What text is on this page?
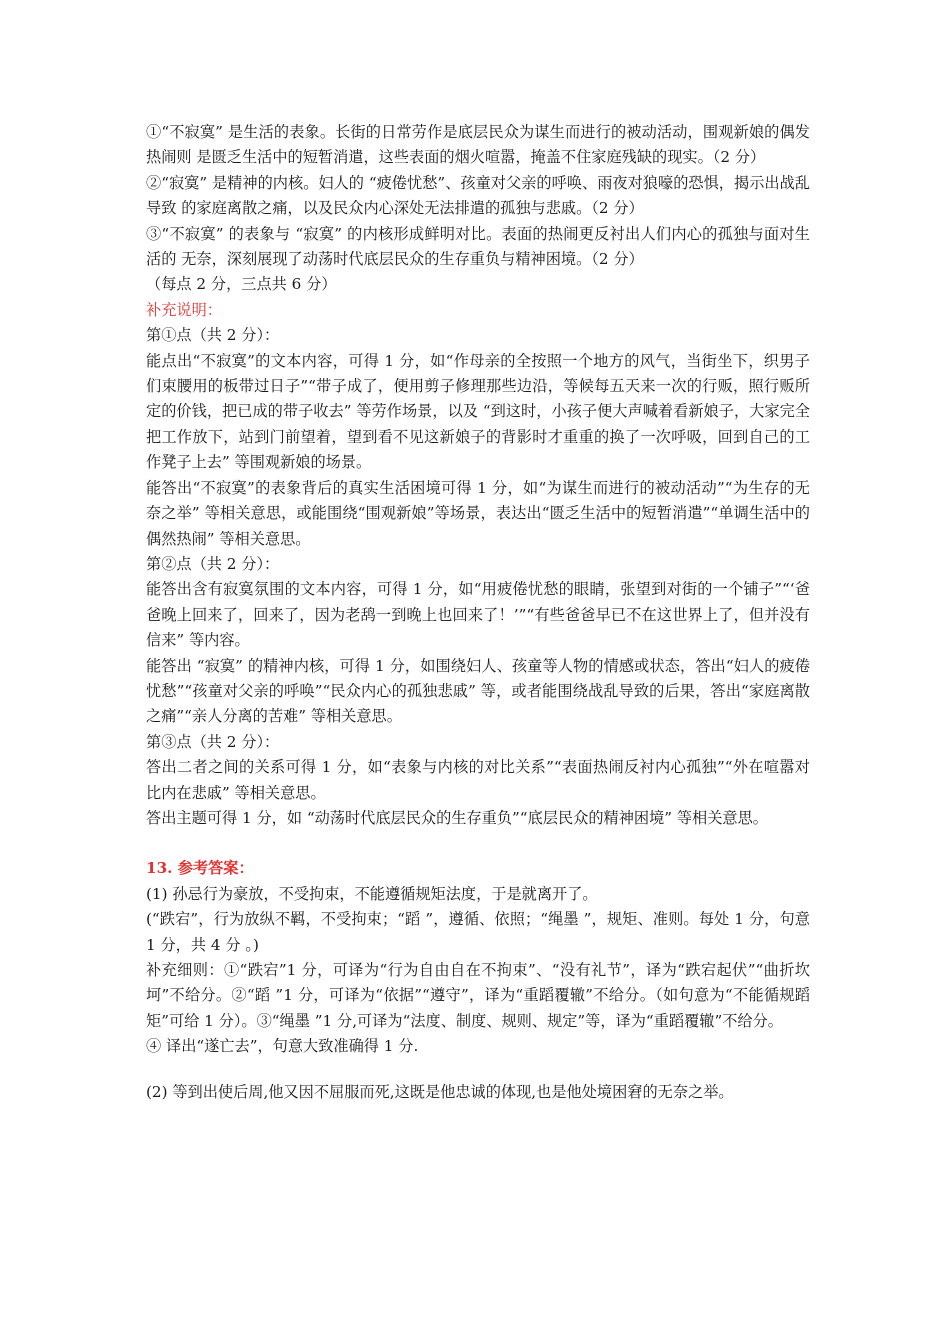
①“不寂寞” 是生活的表象。长街的日常劳作是底层民众为谋生而进行的被动活动，围观新娘的偶发热闹则 是匮乏生活中的短暂消遣，这些表面的烟火喧嚣，掩盖不住家庭残缺的现实。（2 分）

②“寂寞” 是精神的内核。妇人的 “疲倦忧愁”、孩童对父亲的呼唤、雨夜对狼嚎的恐惧，揭示出战乱导致 的家庭离散之痛，以及民众内心深处无法排遣的孤独与悲戚。（2 分）

③“不寂寞” 的表象与 “寂寞” 的内核形成鲜明对比。表面的热闹更反衬出人们内心的孤独与面对生活的 无奈，深刻展现了动荡时代底层民众的生存重负与精神困境。（2 分）

（每点 2 分，三点共 6 分）

补充说明：

第①点（共 2 分）：

能点出“不寂寞”的文本内容，可得 1 分，如“作母亲的全按照一个地方的风气，当街坐下，织男子们束腰用的板带过日子”“带子成了，便用剪子修理那些边沿，等候每五天来一次的行贩，照行贩所定的价钱，把已成的带子收去” 等劳作场景，以及 “到这时，小孩子便大声喊着看新娘子，大家完全把工作放下，站到门前望着，望到看不见这新娘子的背影时才重重的换了一次呼吸，回到自己的工作凳子上去” 等围观新娘的场景。

能答出“不寂寞”的表象背后的真实生活困境可得 1 分，如“为谋生而进行的被动活动”“为生存的无奈之举” 等相关意思，或能围绕“围观新娘”等场景，表达出“匮乏生活中的短暂消遣”“单调生活中的偶然热闹” 等相关意思。

第②点（共 2 分）：

能答出含有寂寞氛围的文本内容，可得 1 分，如“用疲倦忧愁的眼睛，张望到对街的一个铺子”“‘爸爸晚上回来了，回来了，因为老鸹一到晚上也回来了！’”“有些爸爸早已不在这世界上了，但并没有信来” 等内容。

能答出 “寂寞” 的精神内核，可得 1 分，如围绕妇人、孩童等人物的情感或状态，答出“妇人的疲倦忧愁”“孩童对父亲的呼唤”“民众内心的孤独悲戚” 等，或者能围绕战乱导致的后果，答出“家庭离散之痛”“亲人分离的苦难” 等相关意思。

第③点（共 2 分）：

答出二者之间的关系可得 1 分，如“表象与内核的对比关系”“表面热闹反衬内心孤独”“外在喧嚣对比内在悲戚” 等相关意思。

答出主题可得 1 分，如 “动荡时代底层民众的生存重负”“底层民众的精神困境” 等相关意思。

13. 参考答案：

(1) 孙忌行为豪放，不受拘束，不能遵循规矩法度，于是就离开了。

(“跌宕”，行为放纵不羁，不受拘束；“蹈 ”，遵循、依照；“绳墨 ”，规矩、准则。每处 1 分，句意 1 分，共 4 分 。)

补充细则：①“跌宕”1 分，可译为“行为自由自在不拘束”、“没有礼节”，译为“跌宕起伏”“曲折坎坷”不给分。②“蹈 ”1 分，可译为“依据”“遵守”，译为“重蹈覆辙”不给分。（如句意为“不能循规蹈矩”可给 1 分）。③“绳墨 ”1 分,可译为“法度、制度、规则、规定”等，译为“重蹈覆辙”不给分。

④ 译出“遂亡去”，句意大致准确得 1 分.

(2) 等到出使后周,他又因不屈服而死,这既是他忠诚的体现,也是他处境困窘的无奈之举。
